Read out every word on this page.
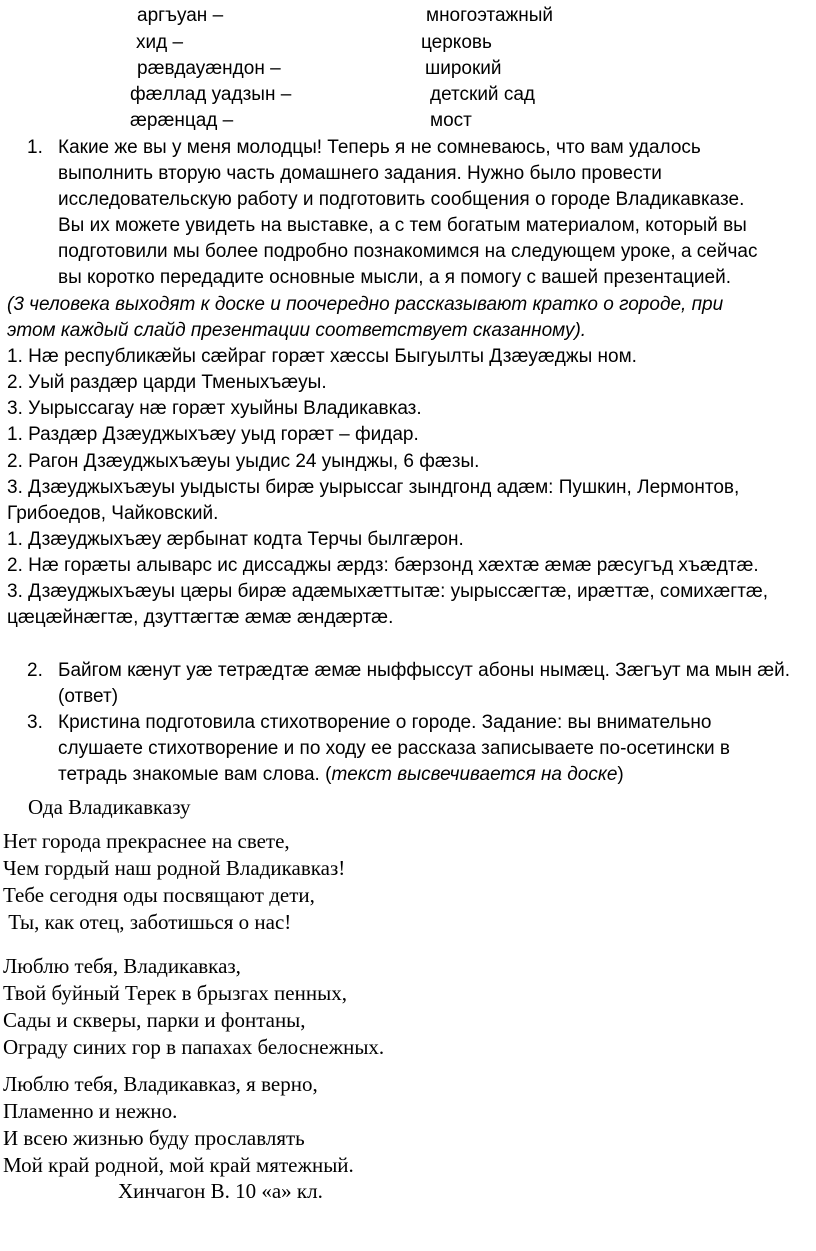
аргъуан –	многоэтажный
хид –	церковь
рæвдауæндон –	широкий
фæллад уадзын –	детский сад
æрæнцад –	мост
1. Какие же вы у меня молодцы! Теперь я не сомневаюсь, что вам удалось
выполнить вторую часть домашнего задания. Нужно было провести
исследовательскую работу и подготовить сообщения о городе Владикавказе.
Вы их можете увидеть на выставке, а с тем богатым материалом, который вы
подготовили мы более подробно познакомимся на следующем уроке, а сейчас
вы коротко передадите основные мысли, а я помогу с вашей презентацией.
(3 человека выходят к доске и поочередно рассказывают кратко о городе, при
этом каждый слайд презентации соответствует сказанному).
1. Нæ республикæйы сæйраг горæт хæссы Быгуылты Дзæуæджы ном.
2. Уый раздæр царди Тменыхъæуы.
3. Уырыссагау нæ горæт хуыйны Владикавказ.
1. Раздæр Дзæуджыхъæу уыд горæт – фидар.
2. Рагон Дзæуджыхъæуы уыдис 24 уынджы, 6 фæзы.
3. Дзæуджыхъæуы уыдысты бирæ уырыссаг зындгонд адæм: Пушкин, Лермонтов,
Грибоедов, Чайковский.
1. Дзæуджыхъæу æрбынат кодта Терчы былгæрон.
2. Нæ горæты алыварс ис диссаджы æрдз: бæрзонд хæхтæ æмæ рæсугъд хъæдтæ.
3. Дзæуджыхъæуы цæры бирæ адæмыхæттытæ: уырыссæгтæ, ирæттæ, сомихæгтæ,
цæцæйнæгтæ, дзуттæгтæ æмæ æндæртæ.
2. Байгом кæнут уæ тетрæдтæ æмæ ныффыссут абоны нымæц. Зæгъут ма мын æй.
(ответ)
3. Кристина подготовила стихотворение о городе. Задание: вы внимательно
слушаете стихотворение и по ходу ее рассказа записываете по-осетински в
тетрадь знакомые вам слова. (текст высвечивается на доске)
Ода Владикавказу
Нет города прекраснее на свете,
Чем гордый наш родной Владикавказ!
Тебе сегодня оды посвящают дети,
Ты, как отец, заботишься о нас!
Люблю тебя, Владикавказ,
Твой буйный Терек в брызгах пенных,
Сады и скверы, парки и фонтаны,
Ограду синих гор в папахах белоснежных.
Люблю тебя, Владикавказ, я верно,
Пламенно и нежно.
И всею жизнью буду прославлять
Мой край родной, мой край мятежный.
Хинчагон В. 10 «а» кл.
